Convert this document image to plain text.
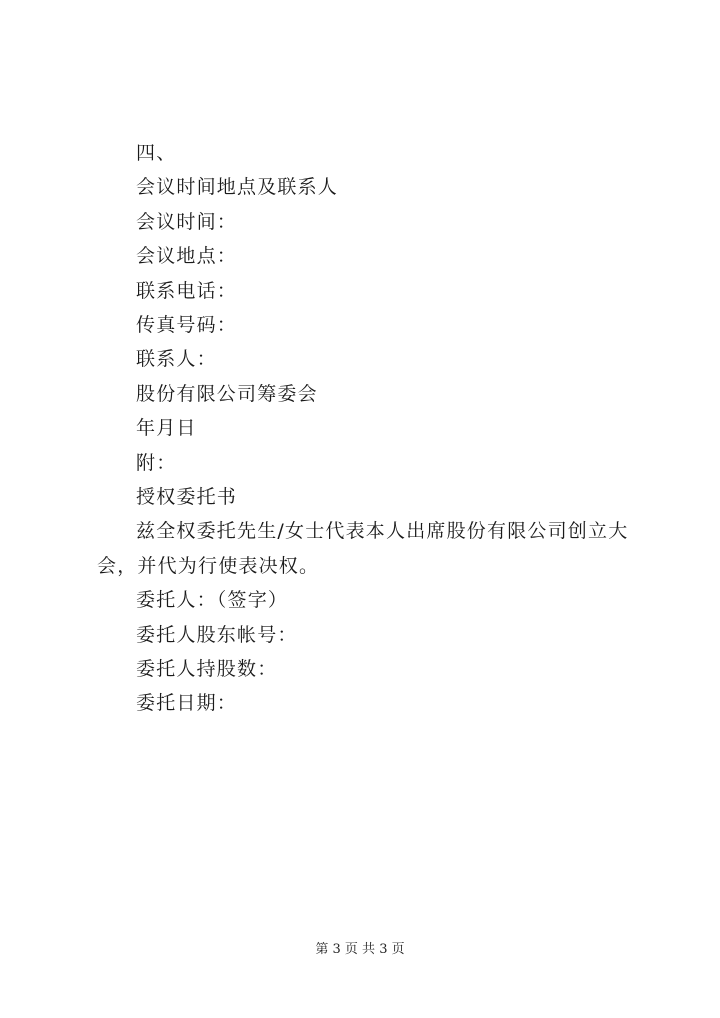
四、
会议时间地点及联系人
会议时间：
会议地点：
联系电话：
传真号码：
联系人：
股份有限公司筹委会
年月日
附：
授权委托书
兹全权委托先生/女士代表本人出席股份有限公司创立大会，并代为行使表决权。
委托人：（签字）
委托人股东帐号：
委托人持股数：
委托日期：
第 3 页 共 3 页
